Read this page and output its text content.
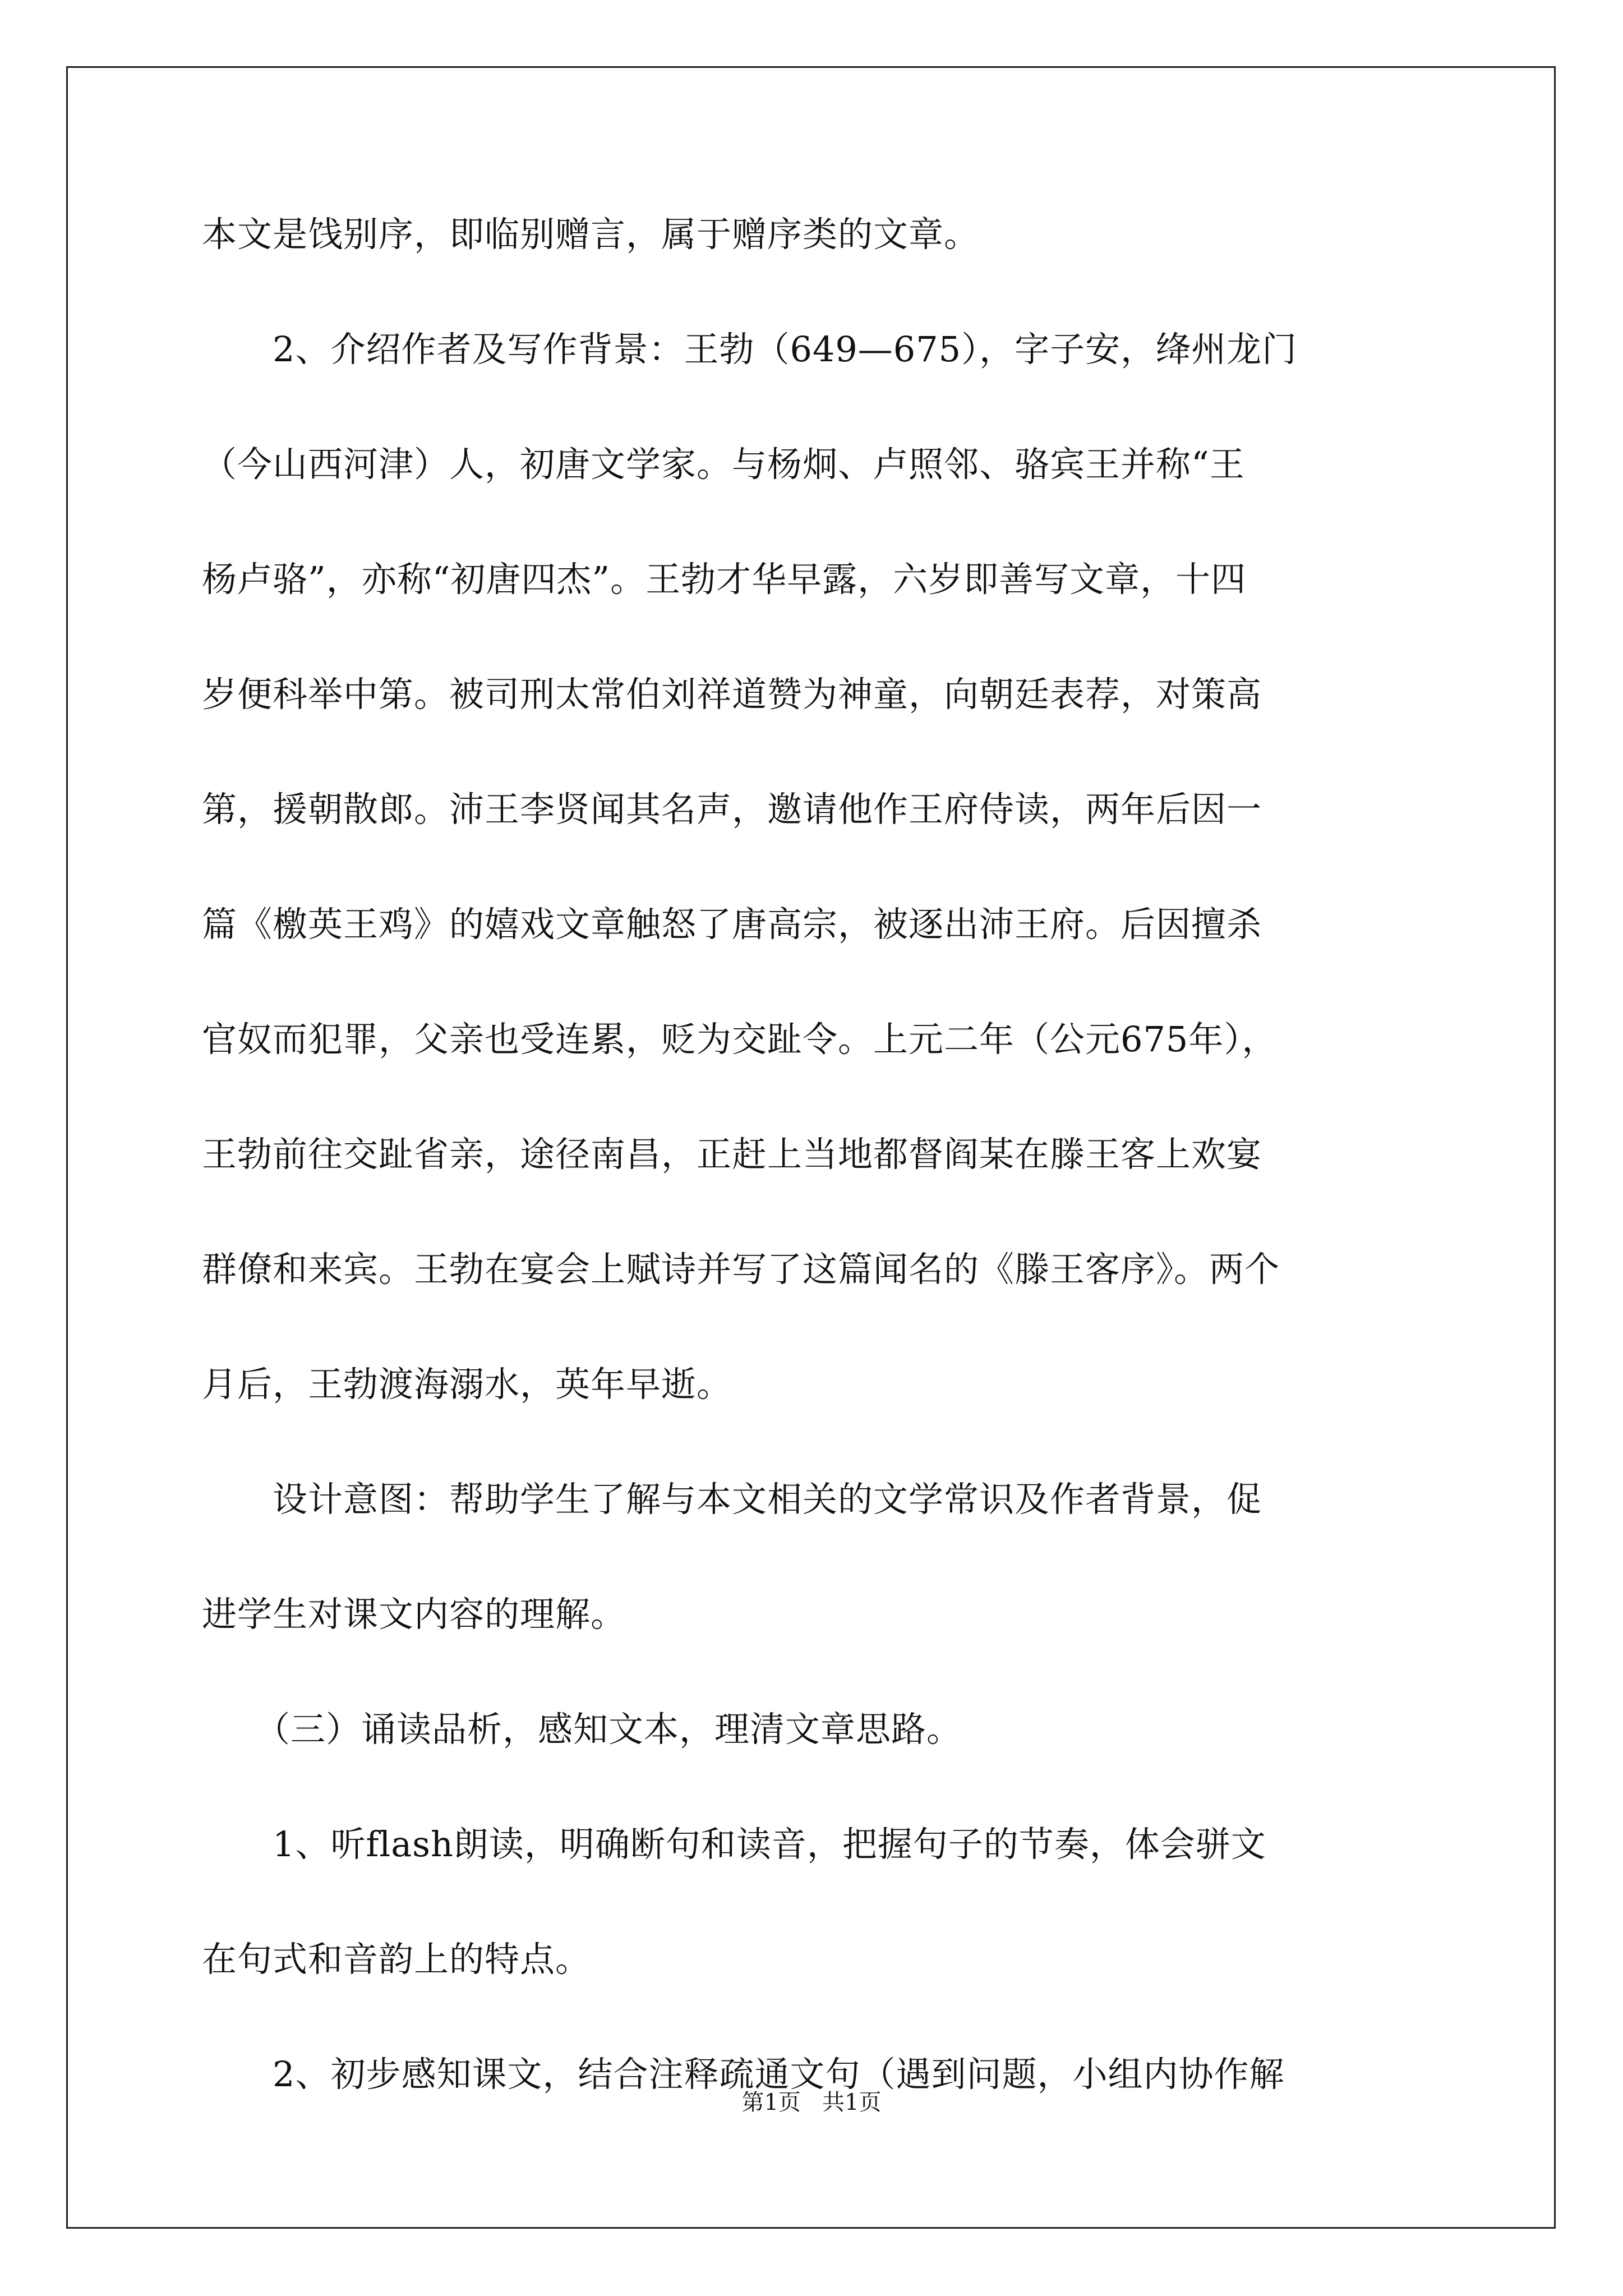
本文是饯别序，即临别赠言，属于赠序类的文章。
　　2、介绍作者及写作背景：王勃（649—675），字子安，绛州龙门
（今山西河津）人，初唐文学家。与杨炯、卢照邻、骆宾王并称“王
杨卢骆”，亦称“初唐四杰”。王勃才华早露，六岁即善写文章，十四
岁便科举中第。被司刑太常伯刘祥道赞为神童，向朝廷表荐，对策高
第，援朝散郎。沛王李贤闻其名声，邀请他作王府侍读，两年后因一
篇《檄英王鸡》的嬉戏文章触怒了唐高宗，被逐出沛王府。后因擅杀
官奴而犯罪，父亲也受连累，贬为交趾令。上元二年（公元675年），
王勃前往交趾省亲，途径南昌，正赶上当地都督阎某在滕王客上欢宴
群僚和来宾。王勃在宴会上赋诗并写了这篇闻名的《滕王客序》。两个
月后，王勃渡海溺水，英年早逝。
　　设计意图：帮助学生了解与本文相关的文学常识及作者背景，促
进学生对课文内容的理解。
　　（三）诵读品析，感知文本，理清文章思路。
　　1、听flash朗读，明确断句和读音，把握句子的节奏，体会骈文
在句式和音韵上的特点。
　　2、初步感知课文，结合注释疏通文句（遇到问题，小组内协作解
第1页   共1页
